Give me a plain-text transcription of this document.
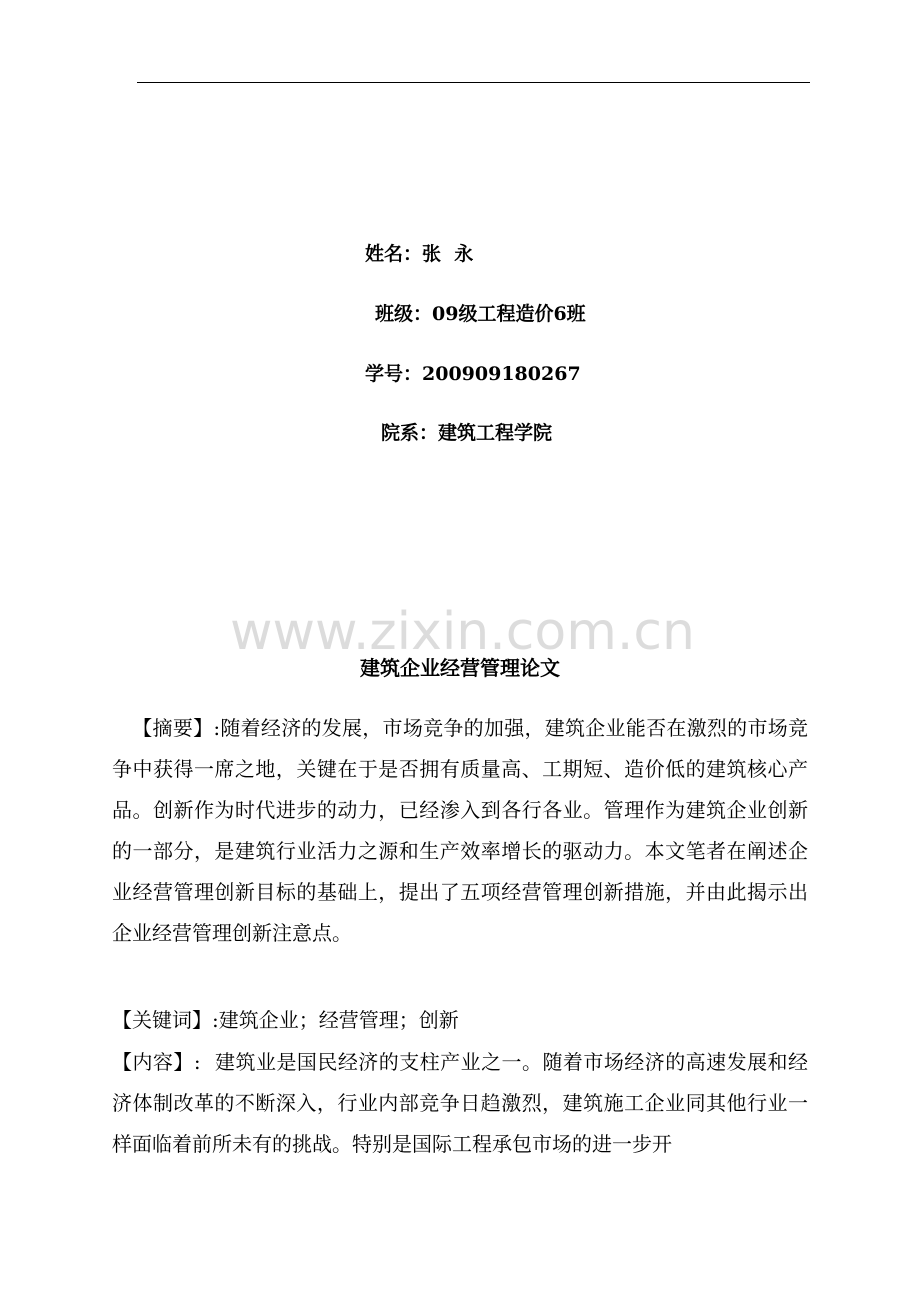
姓名：张  永
班级：09级工程造价6班
学号：200909180267
院系：建筑工程学院
www.zixin.com.cn
建筑企业经营管理论文
【摘要】:随着经济的发展，市场竞争的加强，建筑企业能否在激烈的市场竞争中获得一席之地，关键在于是否拥有质量高、工期短、造价低的建筑核心产品。创新作为时代进步的动力，已经渗入到各行各业。管理作为建筑企业创新的一部分，是建筑行业活力之源和生产效率增长的驱动力。本文笔者在阐述企业经营管理创新目标的基础上，提出了五项经营管理创新措施，并由此揭示出企业经营管理创新注意点。
【关键词】:建筑企业；经营管理；创新
【内容】: 建筑业是国民经济的支柱产业之一。随着市场经济的高速发展和经济体制改革的不断深入，行业内部竞争日趋激烈，建筑施工企业同其他行业一样面临着前所未有的挑战。特别是国际工程承包市场的进一步开
